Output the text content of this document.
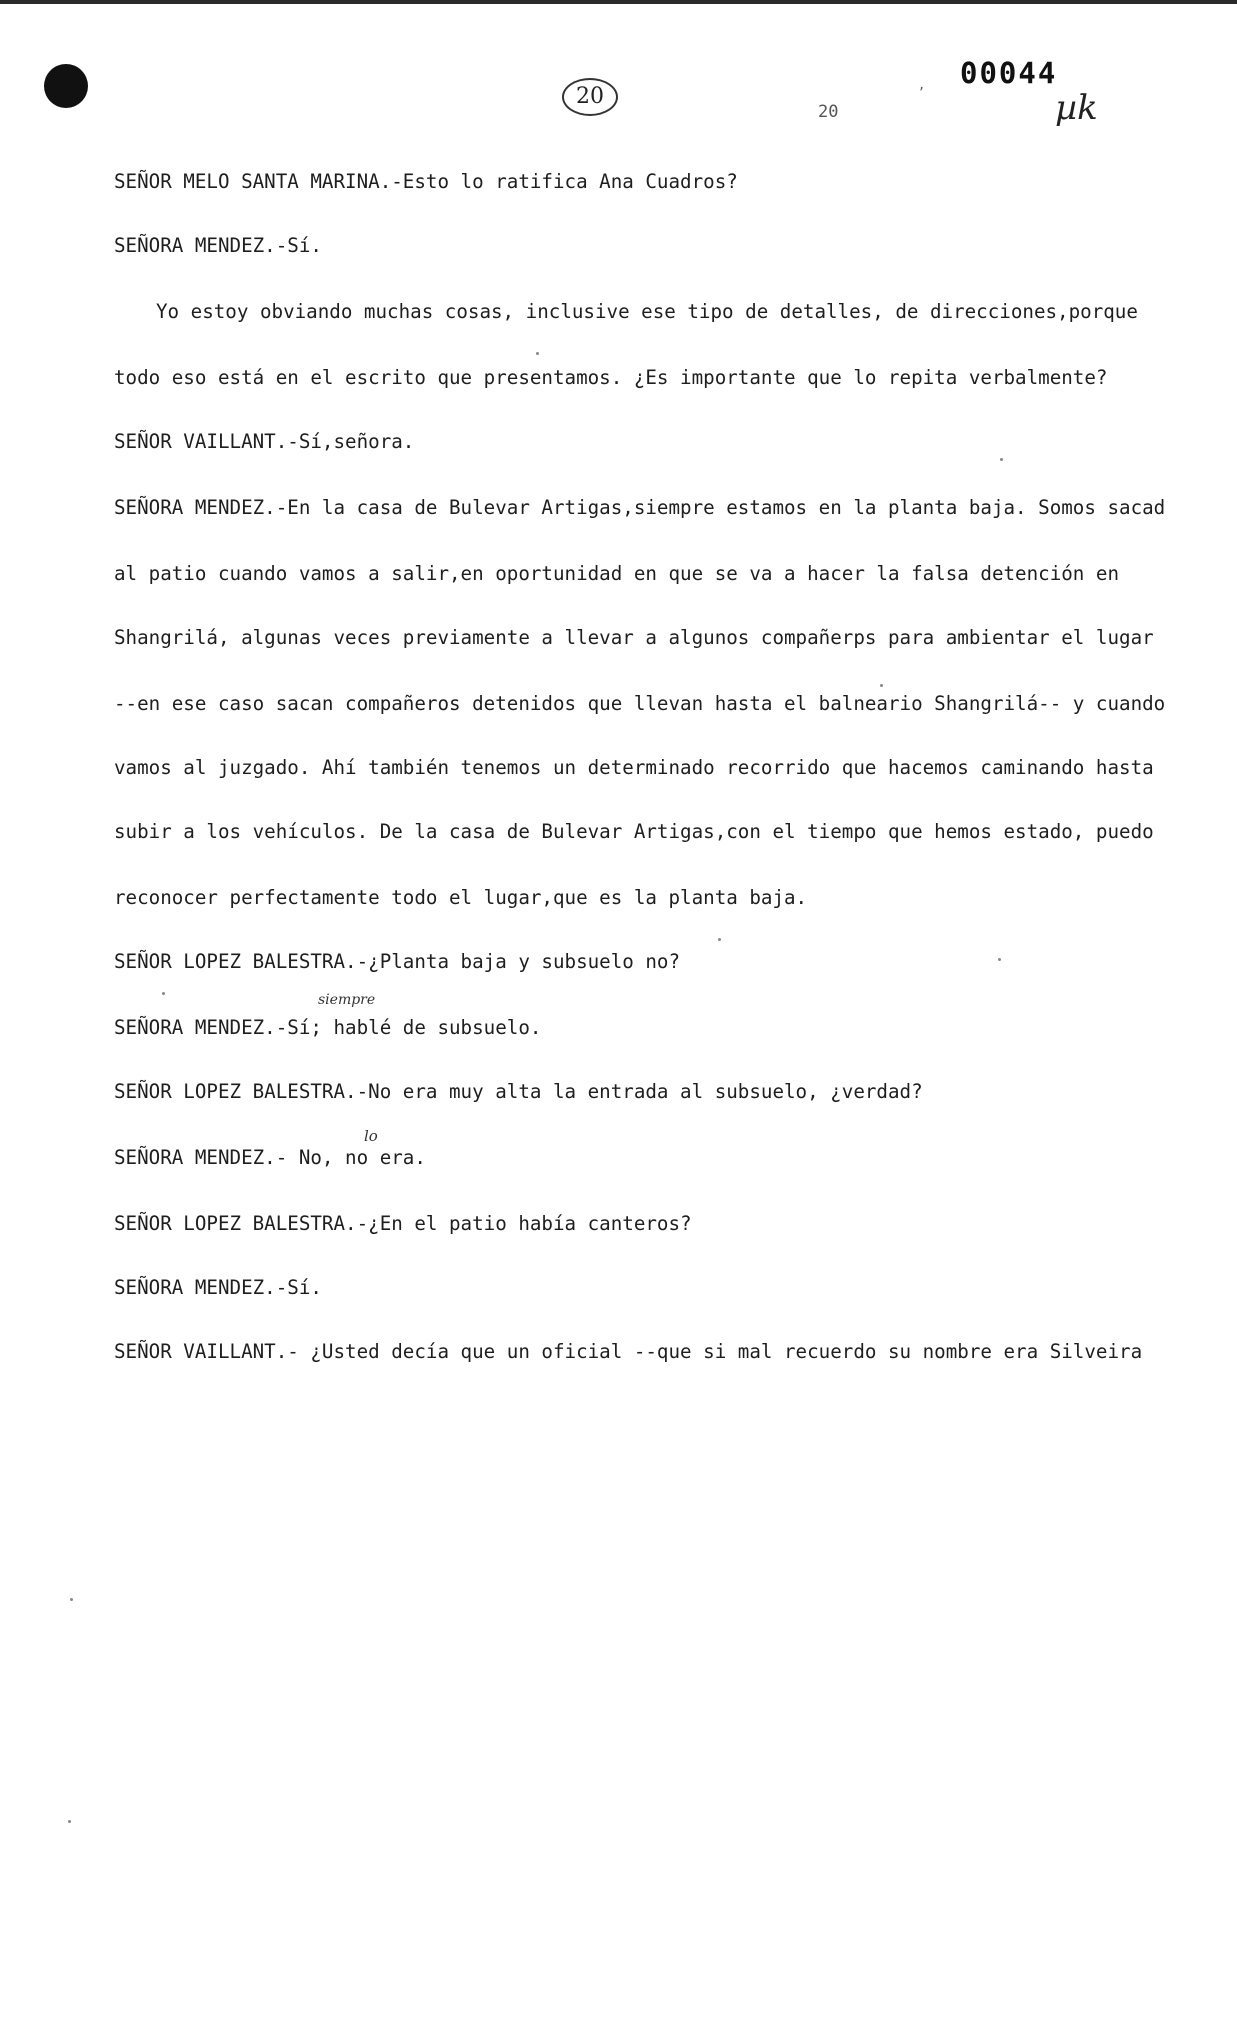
20
20
, 00044
µk
SEÑOR MELO SANTA MARINA.-Esto lo ratifica Ana Cuadros?
SEÑORA MENDEZ.-Sí.
Yo estoy obviando muchas cosas, inclusive ese tipo de detalles, de direcciones,porque
todo eso está en el escrito que presentamos. ¿Es importante que lo repita verbalmente?
SEÑOR VAILLANT.-Sí,señora.
SEÑORA MENDEZ.-En la casa de Bulevar Artigas,siempre estamos en la planta baja. Somos sacad
al patio cuando vamos a salir,en oportunidad en que se va a hacer la falsa detención en
Shangrilá, algunas veces previamente a llevar a algunos compañerps para ambientar el lugar
--en ese caso sacan compañeros detenidos que llevan hasta el balneario Shangrilá-- y cuando
vamos al juzgado. Ahí también tenemos un determinado recorrido que hacemos caminando hasta
subir a los vehículos. De la casa de Bulevar Artigas,con el tiempo que hemos estado, puedo
reconocer perfectamente todo el lugar,que es la planta baja.
SEÑOR LOPEZ BALESTRA.-¿Planta baja y subsuelo no?
SEÑORA MENDEZ.-Sí; hablé de subsuelo.
SEÑOR LOPEZ BALESTRA.-No era muy alta la entrada al subsuelo, ¿verdad?
SEÑORA MENDEZ.- No, no era.
SEÑOR LOPEZ BALESTRA.-¿En el patio había canteros?
SEÑORA MENDEZ.-Sí.
SEÑOR VAILLANT.- ¿Usted decía que un oficial --que si mal recuerdo su nombre era Silveira
siempre
lo
